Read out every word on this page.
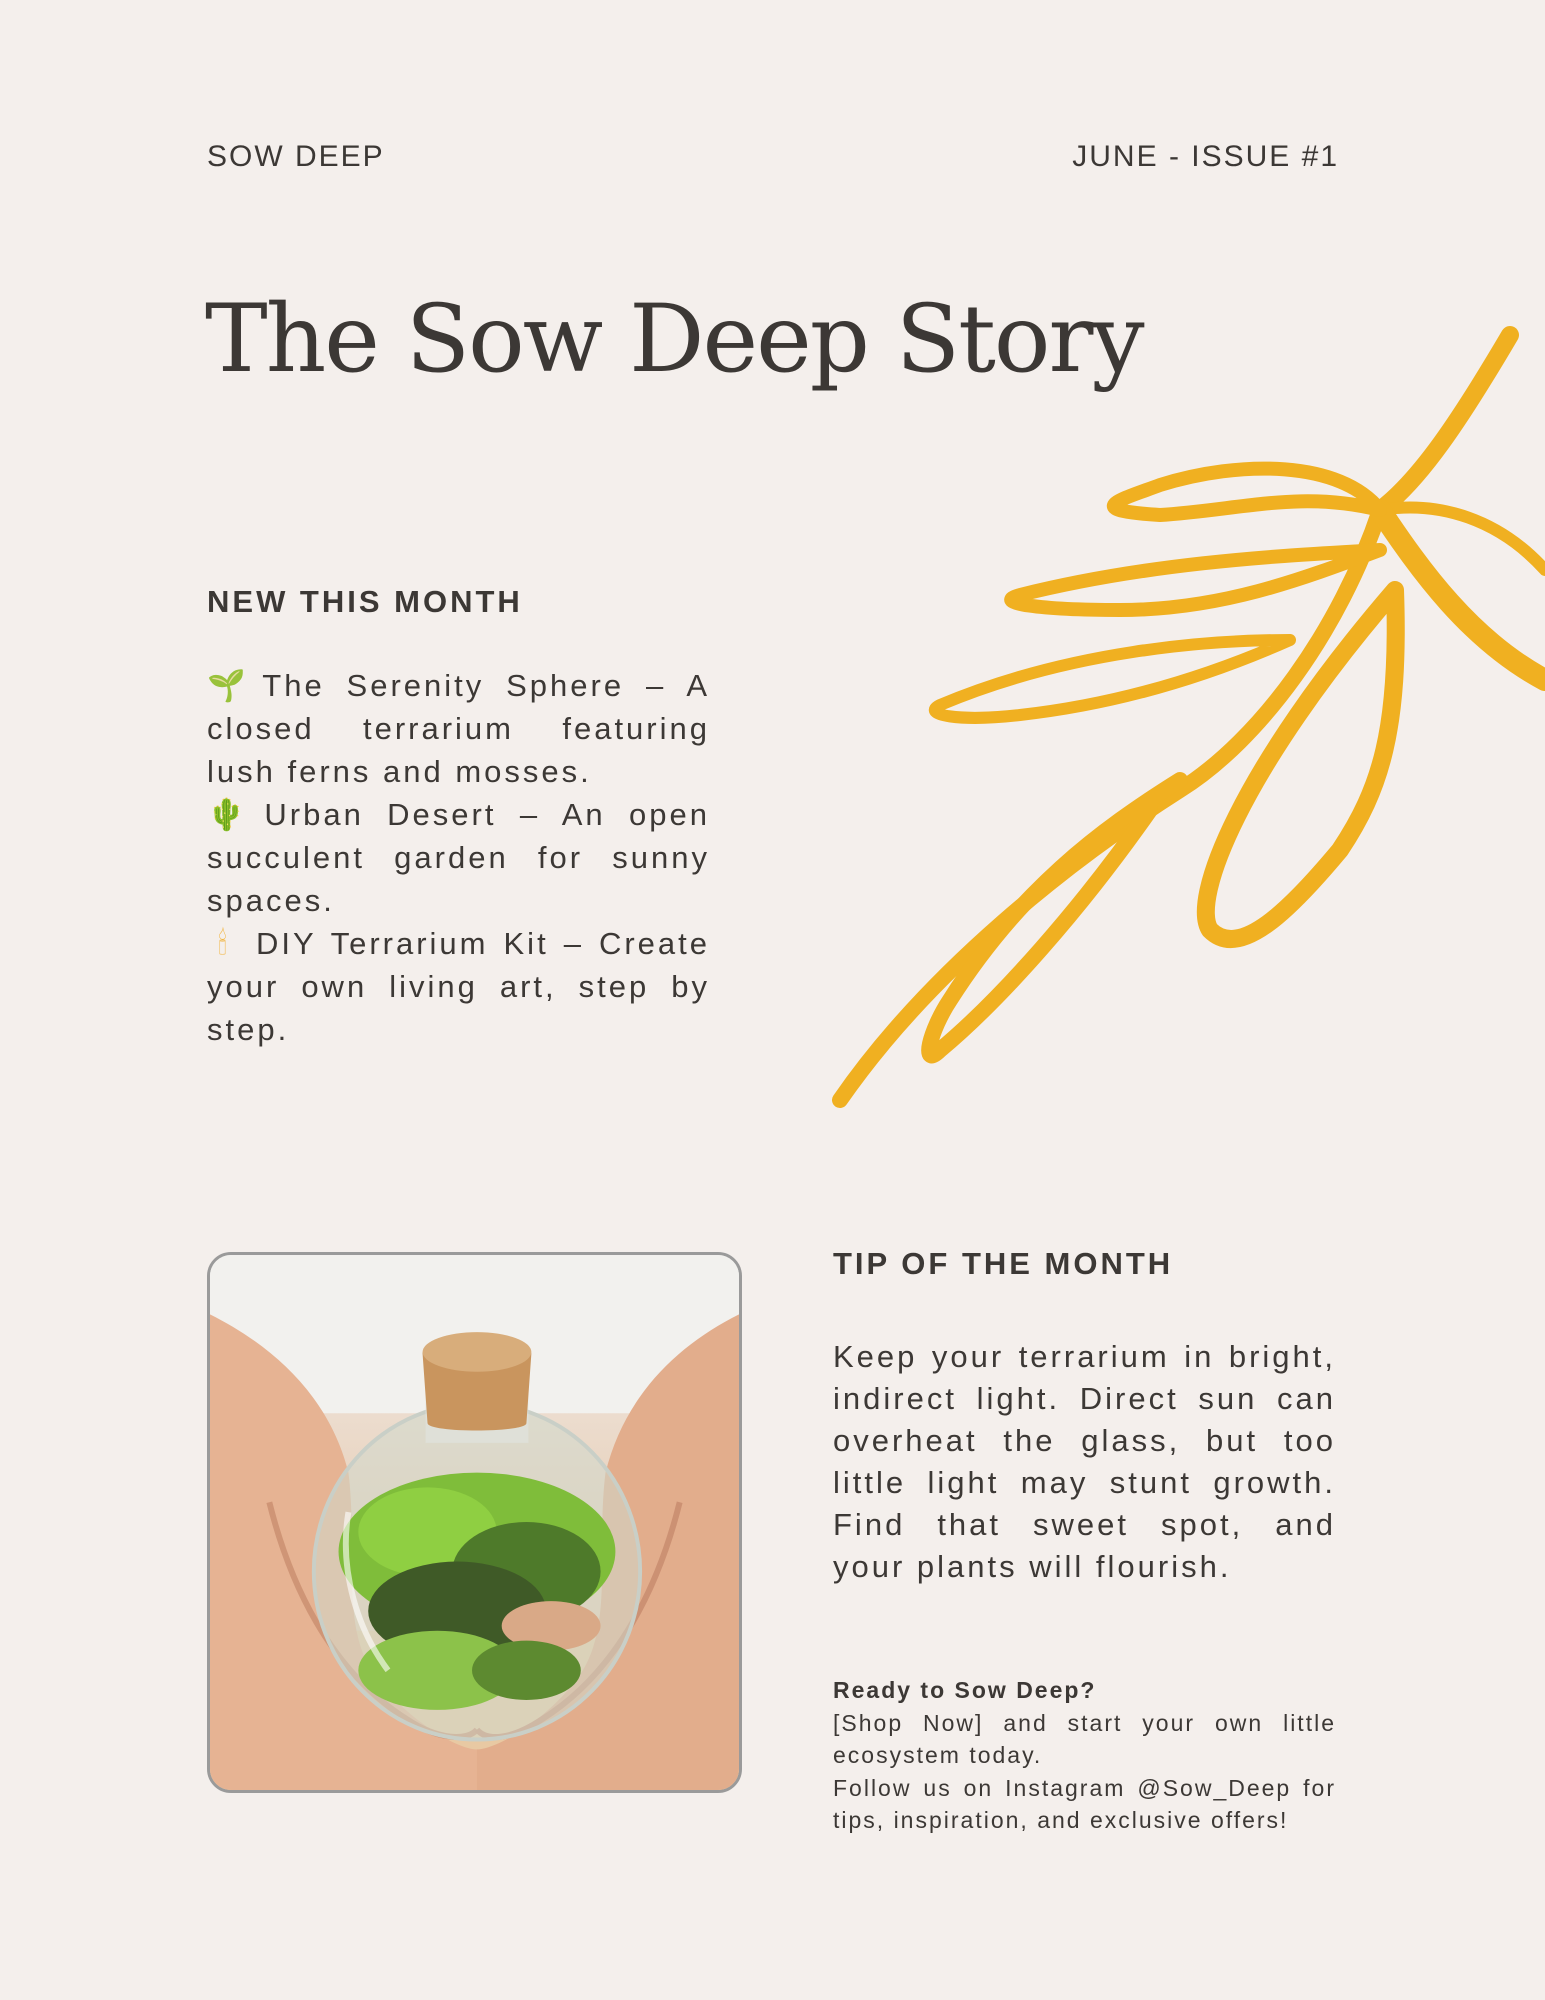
SOW DEEP	JUNE - ISSUE #1
The Sow Deep Story
NEW THIS MONTH
🌱 The Serenity Sphere – A closed terrarium featuring lush ferns and mosses.
🌵 Urban Desert – An open succulent garden for sunny spaces.
🕯 DIY Terrarium Kit – Create your own living art, step by step.
TIP OF THE MONTH

Keep your terrarium in bright, indirect light. Direct sun can overheat the glass, but too little light may stunt growth. Find that sweet spot, and your plants will flourish.

Ready to Sow Deep?

[Shop Now] and start your own little ecosystem today.

Follow us on Instagram @Sow_Deep for tips, inspiration, and exclusive offers!
